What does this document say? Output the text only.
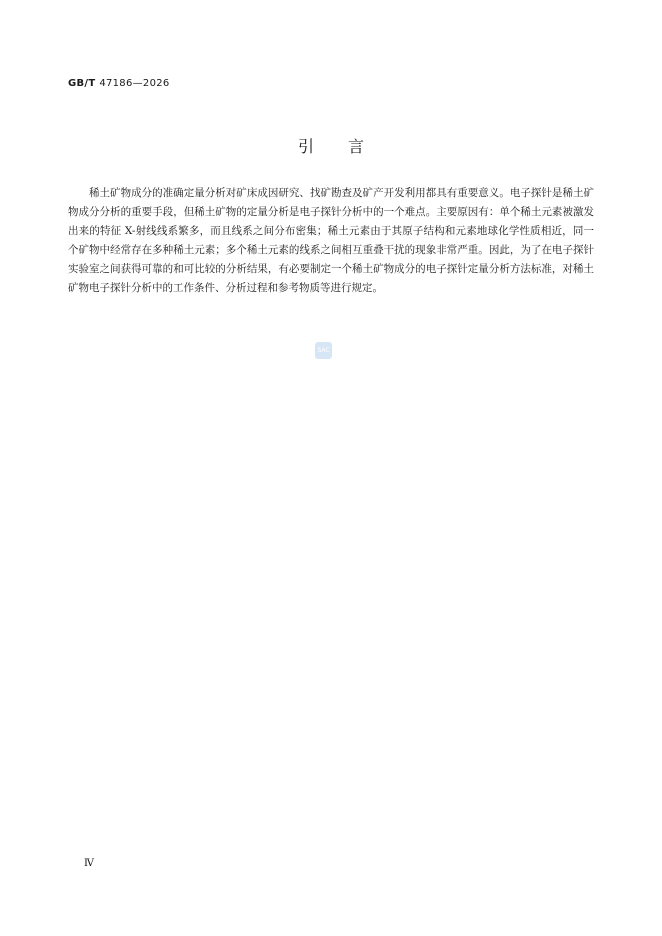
GB/T 47186—2026
引言

稀土矿物成分的准确定量分析对矿床成因研究、找矿勘查及矿产开发利用都具有重要意义。电子探针是稀土矿物成分分析的重要手段，但稀土矿物的定量分析是电子探针分析中的一个难点。主要原因有：单个稀土元素被激发出来的特征 X-射线线系繁多，而且线系之间分布密集；稀土元素由于其原子结构和元素地球化学性质相近，同一个矿物中经常存在多种稀土元素；多个稀土元素的线系之间相互重叠干扰的现象非常严重。因此，为了在电子探针实验室之间获得可靠的和可比较的分析结果，有必要制定一个稀土矿物成分的电子探针定量分析方法标准，对稀土矿物电子探针分析中的工作条件、分析过程和参考物质等进行规定。

SAC
Ⅳ
